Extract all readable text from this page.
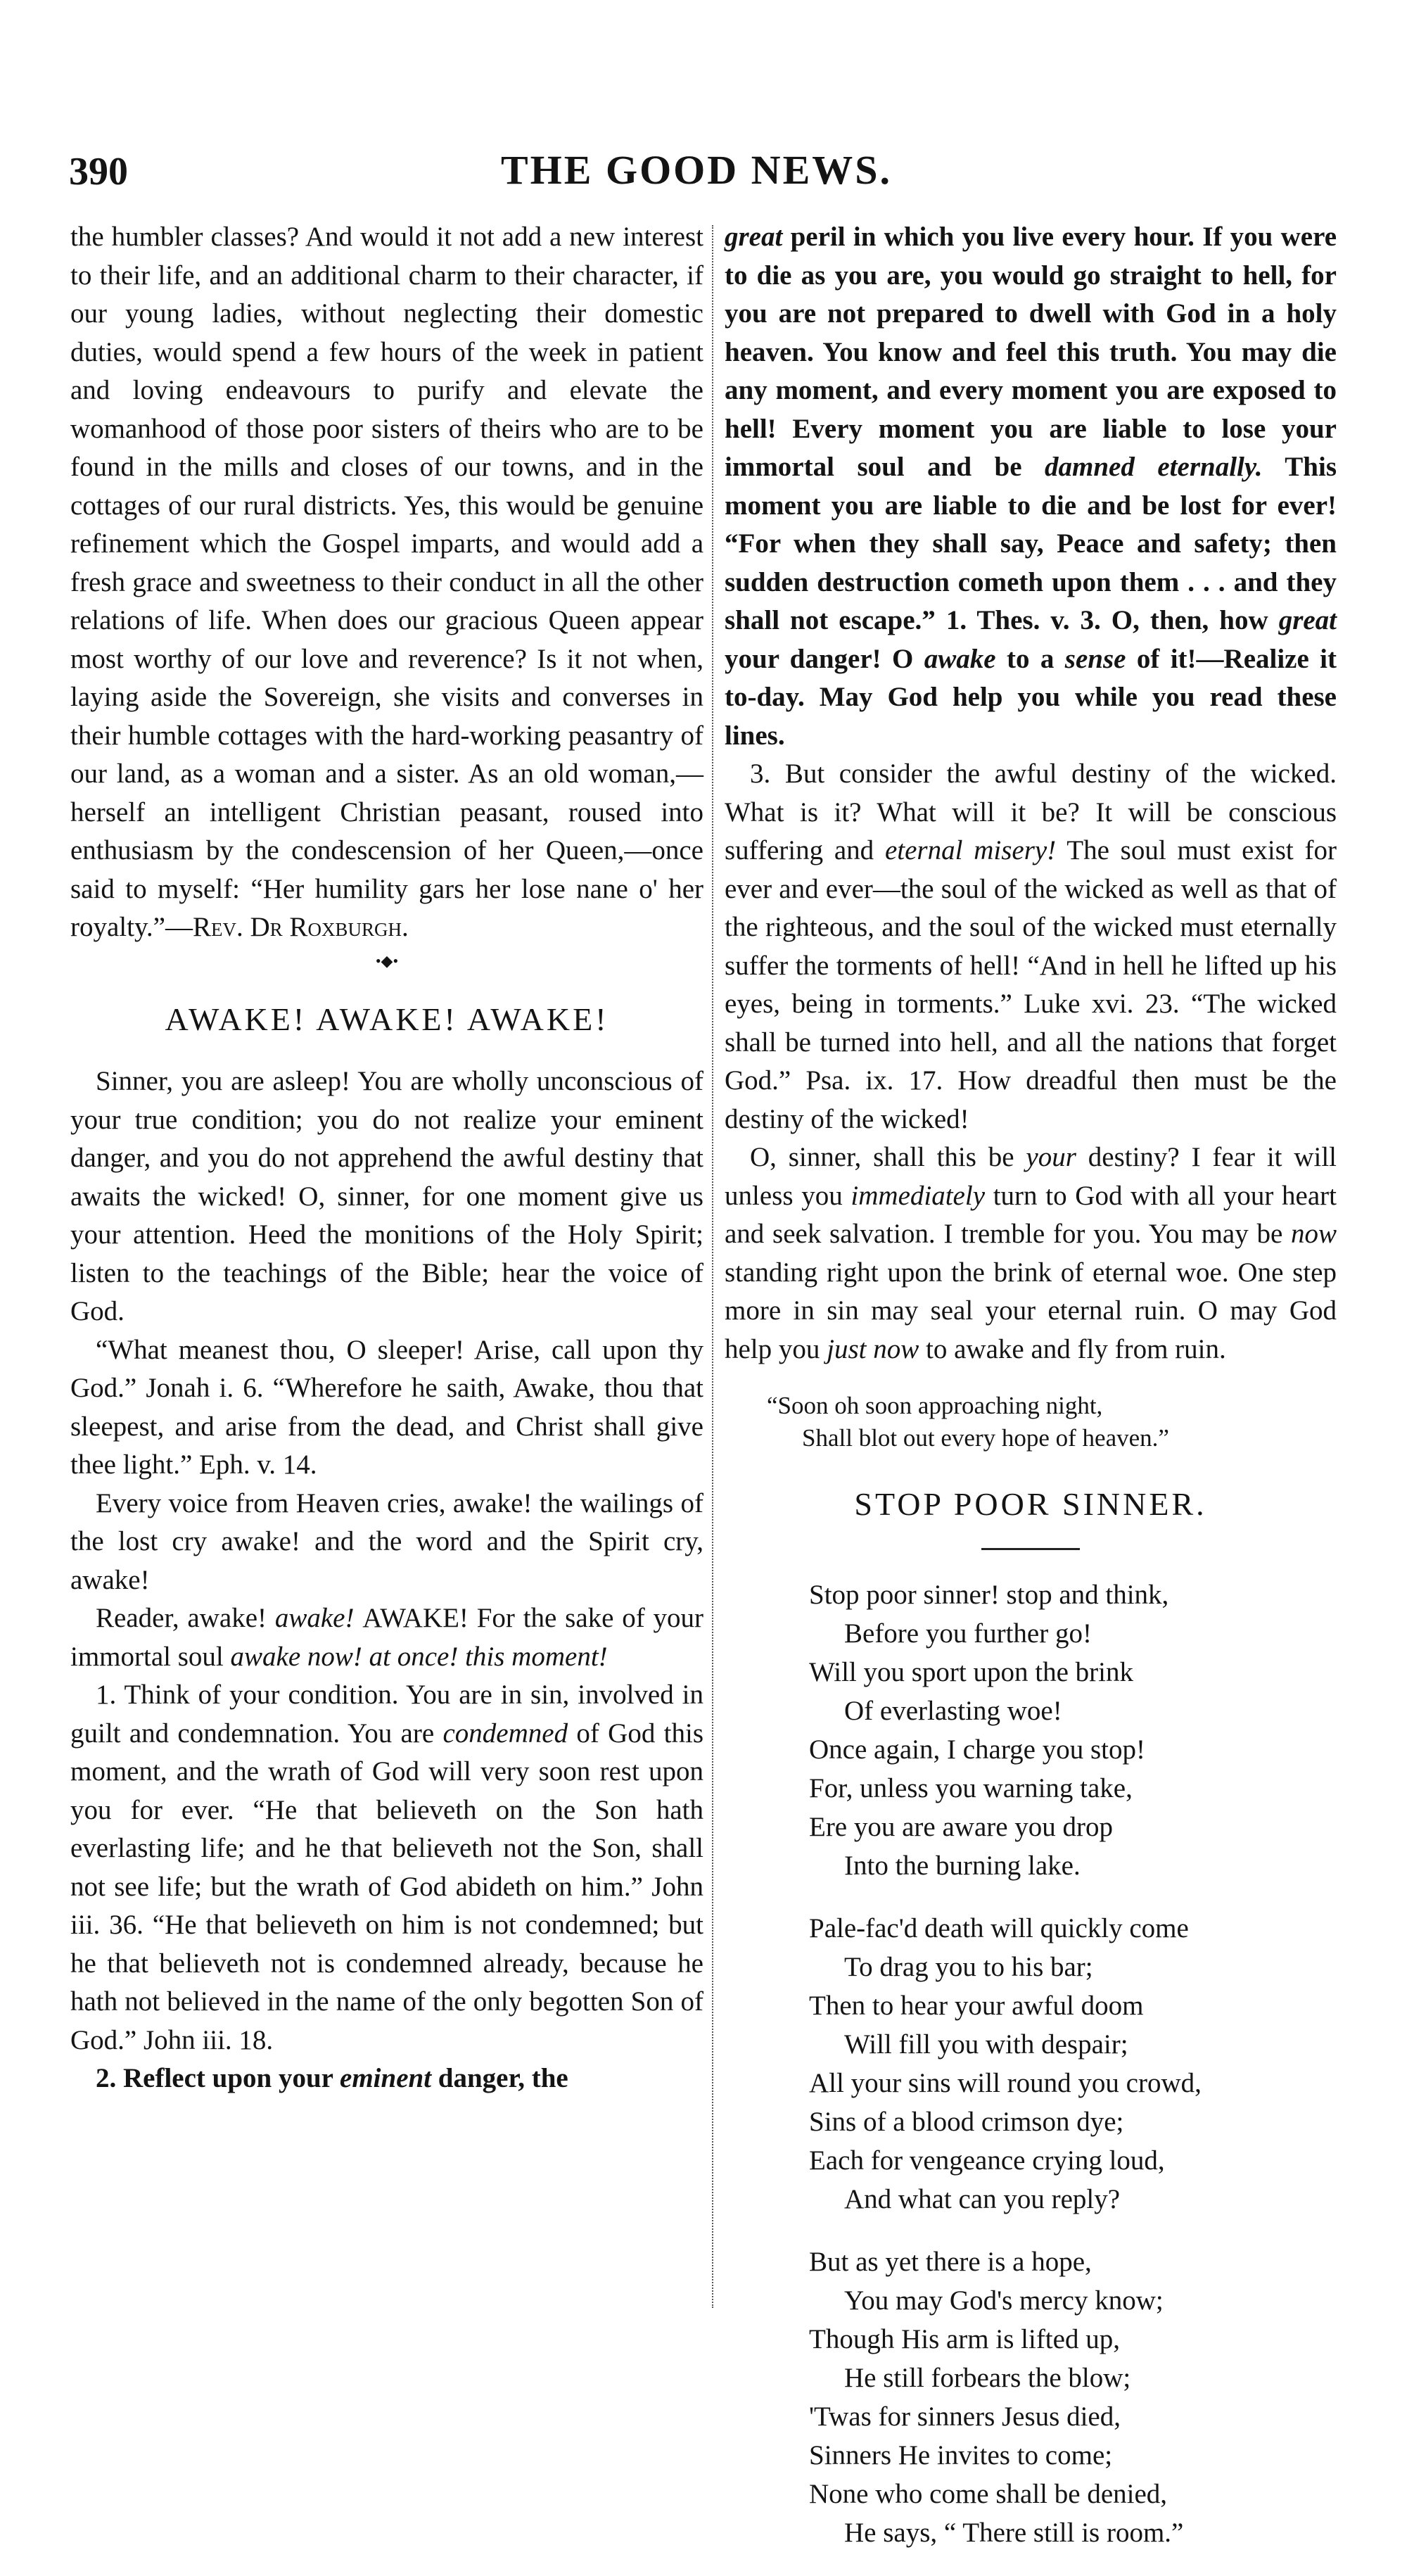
390	THE GOOD NEWS.

the humbler classes? And would it not add a new interest to their life, and an additional charm to their character, if our young ladies, without neglecting their domestic duties, would spend a few hours of the week in patient and loving endeavours to purify and elevate the womanhood of those poor sisters of theirs who are to be found in the mills and closes of our towns, and in the cottages of our rural districts. Yes, this would be genuine refinement which the Gospel imparts, and would add a fresh grace and sweetness to their conduct in all the other relations of life. When does our gracious Queen appear most worthy of our love and reverence? Is it not when, laying aside the Sovereign, she visits and converses in their humble cottages with the hard-working peasantry of our land, as a woman and a sister. As an old woman,—herself an intelligent Christian peasant, roused into enthusiasm by the condescension of her Queen,—once said to myself: “Her humility gars her lose nane o' her royalty.”—Rev. Dr Roxburgh.

•◆•
AWAKE! AWAKE! AWAKE!

Sinner, you are asleep! You are wholly unconscious of your true condition; you do not realize your eminent danger, and you do not apprehend the awful destiny that awaits the wicked! O, sinner, for one moment give us your attention. Heed the monitions of the Holy Spirit; listen to the teachings of the Bible; hear the voice of God.

“What meanest thou, O sleeper! Arise, call upon thy God.” Jonah i. 6. “Wherefore he saith, Awake, thou that sleepest, and arise from the dead, and Christ shall give thee light.” Eph. v. 14.

Every voice from Heaven cries, awake! the wailings of the lost cry awake! and the word and the Spirit cry, awake!

Reader, awake! awake! AWAKE! For the sake of your immortal soul awake now! at once! this moment!

1. Think of your condition. You are in sin, involved in guilt and condemnation. You are condemned of God this moment, and the wrath of God will very soon rest upon you for ever. “He that believeth on the Son hath everlasting life; and he that believeth not the Son, shall not see life; but the wrath of God abideth on him.” John iii. 36. “He that believeth on him is not condemned; but he that believeth not is condemned already, because he hath not believed in the name of the only begotten Son of God.” John iii. 18.

2. Reflect upon your eminent danger, the

great peril in which you live every hour. If you were to die as you are, you would go straight to hell, for you are not prepared to dwell with God in a holy heaven. You know and feel this truth. You may die any moment, and every moment you are exposed to hell! Every moment you are liable to lose your immortal soul and be damned eternally. This moment you are liable to die and be lost for ever! “For when they shall say, Peace and safety; then sudden destruction cometh upon them . . . and they shall not escape.” 1. Thes. v. 3. O, then, how great your danger! O awake to a sense of it!—Realize it to-day. May God help you while you read these lines.

3. But consider the awful destiny of the wicked. What is it? What will it be? It will be conscious suffering and eternal misery! The soul must exist for ever and ever—the soul of the wicked as well as that of the righteous, and the soul of the wicked must eternally suffer the torments of hell! “And in hell he lifted up his eyes, being in torments.” Luke xvi. 23. “The wicked shall be turned into hell, and all the nations that forget God.” Psa. ix. 17. How dreadful then must be the destiny of the wicked!

O, sinner, shall this be your destiny? I fear it will unless you immediately turn to God with all your heart and seek salvation. I tremble for you. You may be now standing right upon the brink of eternal woe. One step more in sin may seal your eternal ruin. O may God help you just now to awake and fly from ruin.

“Soon oh soon approaching night,
Shall blot out every hope of heaven.”
STOP POOR SINNER.
Stop poor sinner! stop and think,
Before you further go!
Will you sport upon the brink
Of everlasting woe!
Once again, I charge you stop!
For, unless you warning take,
Ere you are aware you drop
Into the burning lake.
Pale-fac'd death will quickly come
To drag you to his bar;
Then to hear your awful doom
Will fill you with despair;
All your sins will round you crowd,
Sins of a blood crimson dye;
Each for vengeance crying loud,
And what can you reply?
But as yet there is a hope,
You may God's mercy know;
Though His arm is lifted up,
He still forbears the blow;
'Twas for sinners Jesus died,
Sinners He invites to come;
None who come shall be denied,
He says, “ There still is room.”
